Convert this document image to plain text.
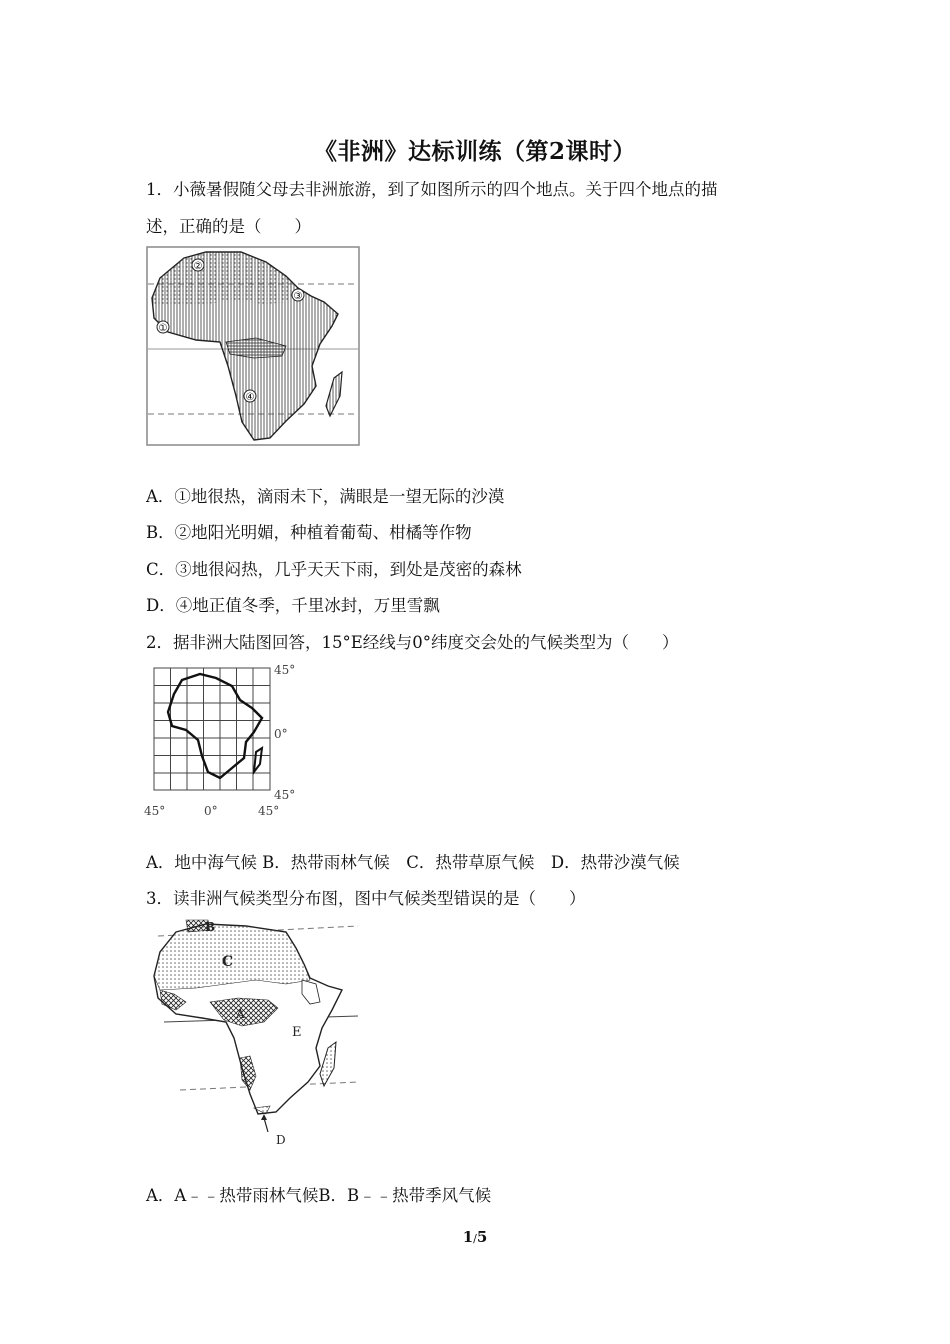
《非洲》达标训练（第2课时）
1．小薇暑假随父母去非洲旅游，到了如图所示的四个地点。关于四个地点的描
述，正确的是（　　）
②
③
①
④
A．①地很热，滴雨未下，满眼是一望无际的沙漠
B．②地阳光明媚，种植着葡萄、柑橘等作物
C．③地很闷热，几乎天天下雨，到处是茂密的森林
D．④地正值冬季，千里冰封，万里雪飘
2．据非洲大陆图回答，15°E经线与0°纬度交会处的气候类型为（　　）
45°
0°
45°
45°	0°	45°
A．地中海气候 B．热带雨林气候　C．热带草原气候　D．热带沙漠气候
3．读非洲气候类型分布图，图中气候类型错误的是（　　）
B
C
A
E
D
A．A﹣﹣热带雨林气候B．B﹣﹣热带季风气候
1/5
